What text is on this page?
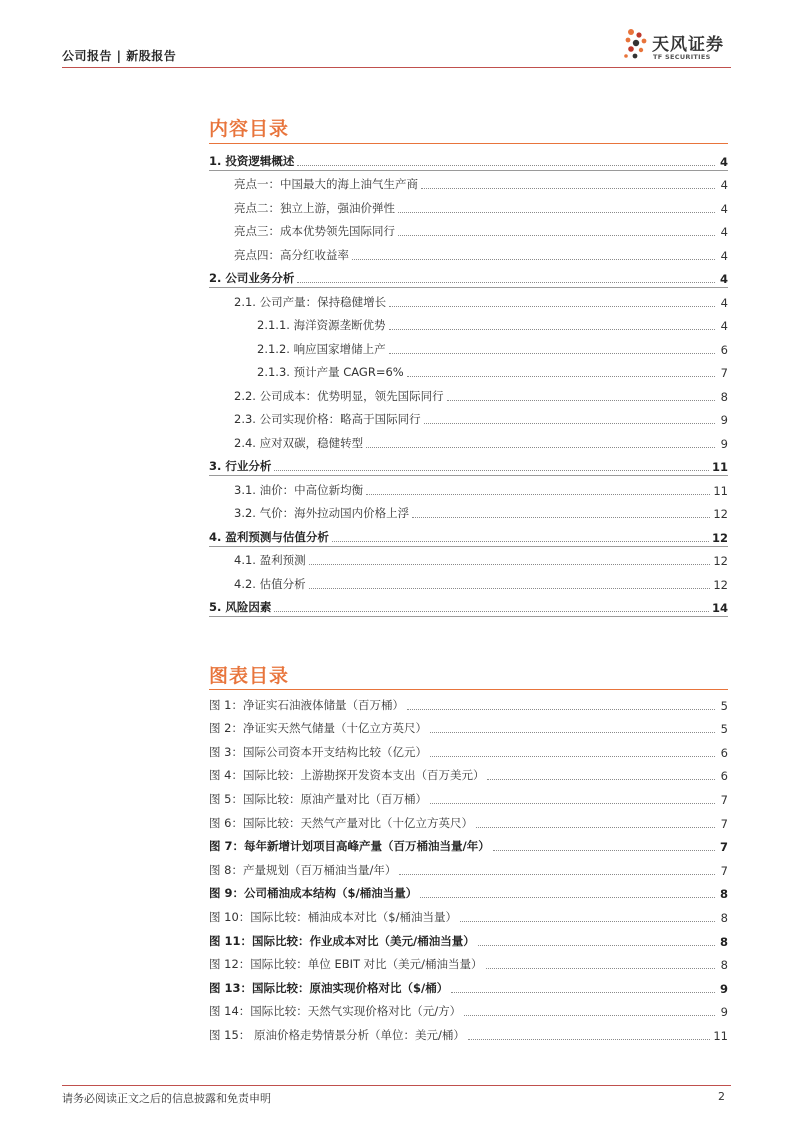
公司报告 | 新股报告
天风证券
TF SECURITIES
内容目录
1. 投资逻辑概述	4
亮点一：中国最大的海上油气生产商	4
亮点二：独立上游，强油价弹性	4
亮点三：成本优势领先国际同行	4
亮点四：高分红收益率	4
2. 公司业务分析	4
2.1. 公司产量：保持稳健增长	4
2.1.1. 海洋资源垄断优势	4
2.1.2. 响应国家增储上产	6
2.1.3. 预计产量 CAGR=6%	7
2.2. 公司成本：优势明显，领先国际同行	8
2.3. 公司实现价格：略高于国际同行	9
2.4. 应对双碳，稳健转型	9
3. 行业分析	11
3.1. 油价：中高位新均衡	11
3.2. 气价：海外拉动国内价格上浮	12
4. 盈利预测与估值分析	12
4.1. 盈利预测	12
4.2. 估值分析	12
5. 风险因素	14
图表目录
图 1：净证实石油液体储量（百万桶）	5
图 2：净证实天然气储量（十亿立方英尺）	5
图 3：国际公司资本开支结构比较（亿元）	6
图 4：国际比较：上游勘探开发资本支出（百万美元）	6
图 5：国际比较：原油产量对比（百万桶）	7
图 6：国际比较：天然气产量对比（十亿立方英尺）	7
图 7：每年新增计划项目高峰产量（百万桶油当量/年）	7
图 8：产量规划（百万桶油当量/年）	7
图 9：公司桶油成本结构（$/桶油当量）	8
图 10：国际比较：桶油成本对比（$/桶油当量）	8
图 11：国际比较：作业成本对比（美元/桶油当量）	8
图 12：国际比较：单位 EBIT 对比（美元/桶油当量）	8
图 13：国际比较：原油实现价格对比（$/桶）	9
图 14：国际比较：天然气实现价格对比（元/方）	9
图 15： 原油价格走势情景分析（单位：美元/桶）	11
请务必阅读正文之后的信息披露和免责申明	2
